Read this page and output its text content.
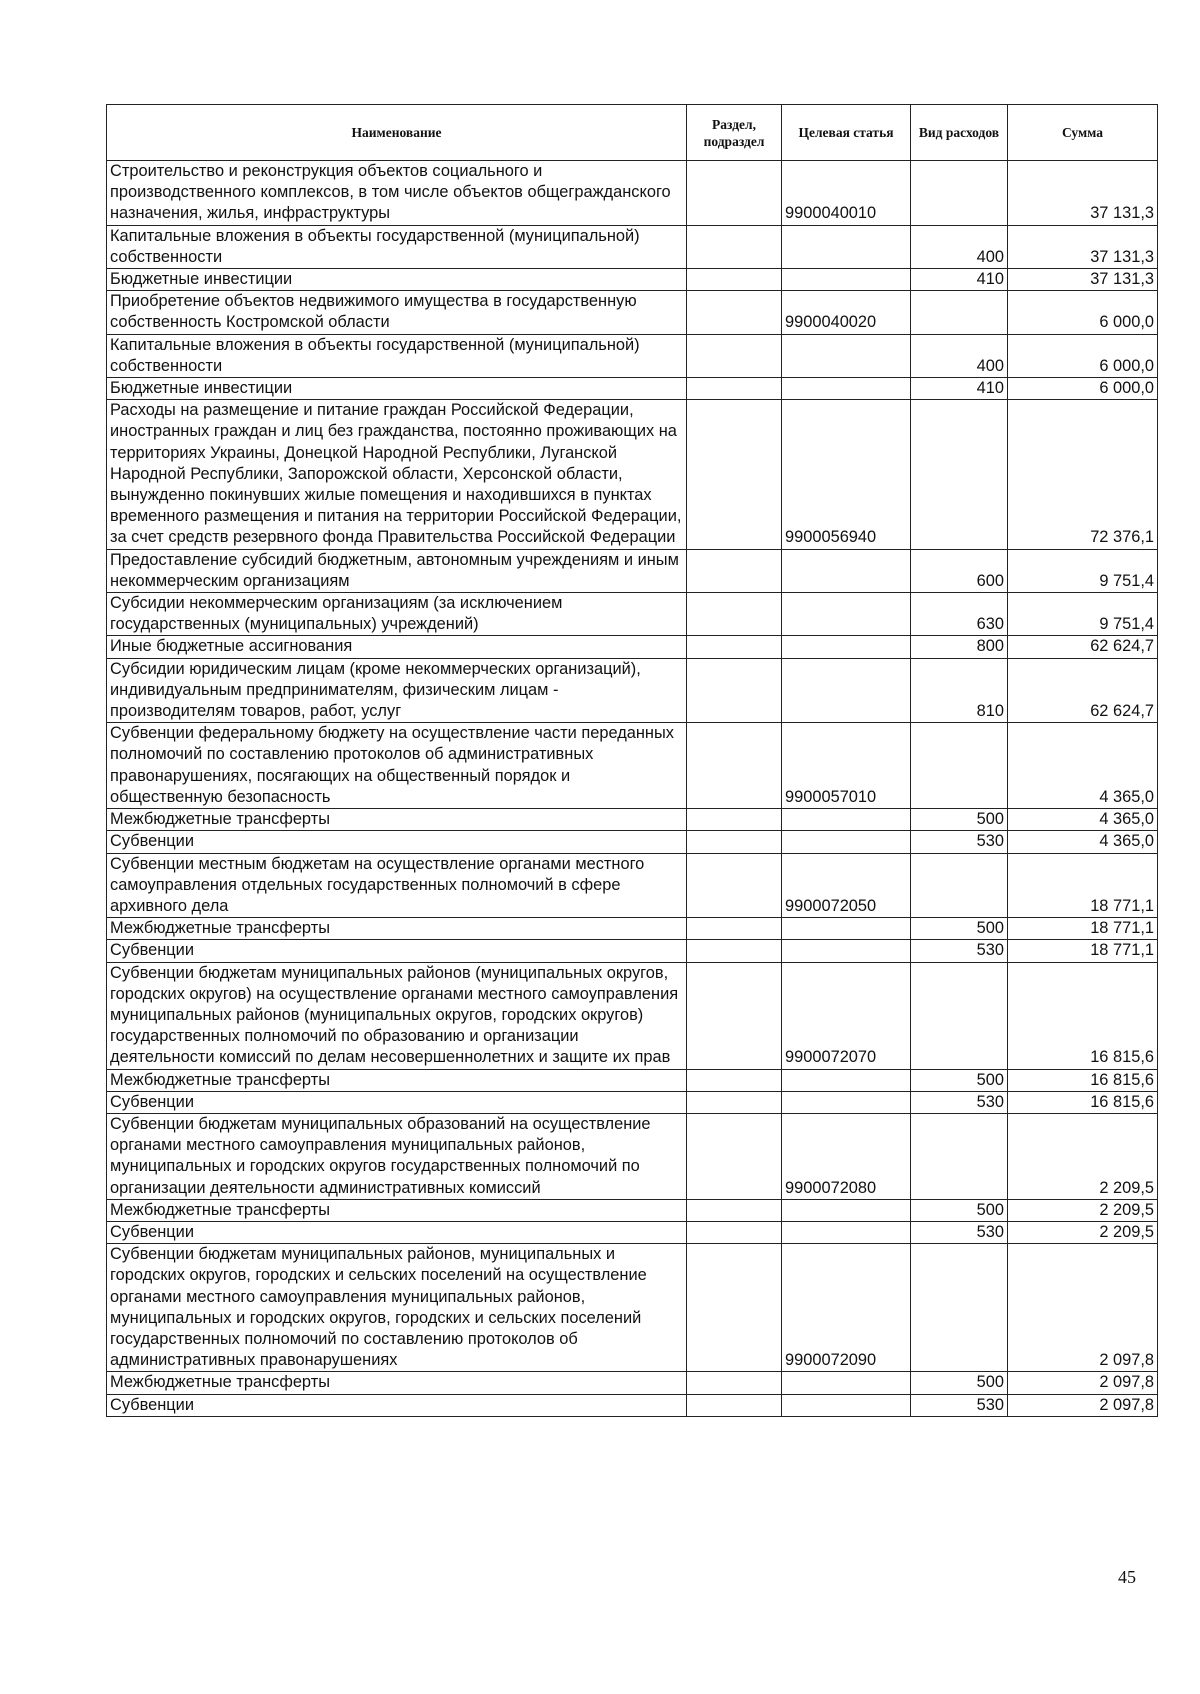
Наименование	Раздел, подраздел	Целевая статья	Вид расходов	Сумма
Строительство и реконструкция объектов социального и производственного комплексов, в том числе объектов общегражданского назначения, жилья, инфраструктуры		9900040010		37 131,3
Капитальные вложения в объекты государственной (муниципальной) собственности			400	37 131,3
Бюджетные инвестиции			410	37 131,3
Приобретение объектов недвижимого имущества в государственную собственность Костромской области		9900040020		6 000,0
Капитальные вложения в объекты государственной (муниципальной) собственности			400	6 000,0
Бюджетные инвестиции			410	6 000,0
Расходы на размещение и питание граждан Российской Федерации, иностранных граждан и лиц без гражданства, постоянно проживающих на территориях Украины, Донецкой Народной Республики, Луганской Народной Республики, Запорожской области, Херсонской области, вынужденно покинувших жилые помещения и находившихся в пунктах временного размещения и питания на территории Российской Федерации, за счет средств резервного фонда Правительства Российской Федерации		9900056940		72 376,1
Предоставление субсидий бюджетным, автономным учреждениям и иным некоммерческим организациям			600	9 751,4
Субсидии некоммерческим организациям (за исключением государственных (муниципальных) учреждений)			630	9 751,4
Иные бюджетные ассигнования			800	62 624,7
Субсидии юридическим лицам (кроме некоммерческих организаций), индивидуальным предпринимателям, физическим лицам - производителям товаров, работ, услуг			810	62 624,7
Субвенции федеральному бюджету на осуществление части переданных полномочий по составлению протоколов об административных правонарушениях, посягающих на общественный порядок и общественную безопасность		9900057010		4 365,0
Межбюджетные трансферты			500	4 365,0
Субвенции			530	4 365,0
Субвенции местным бюджетам на осуществление органами местного самоуправления отдельных государственных полномочий в сфере архивного дела		9900072050		18 771,1
Межбюджетные трансферты			500	18 771,1
Субвенции			530	18 771,1
Субвенции бюджетам муниципальных районов (муниципальных округов, городских округов) на осуществление органами местного самоуправления муниципальных районов (муниципальных округов, городских округов) государственных полномочий по образованию и организации деятельности комиссий по делам несовершеннолетних и защите их прав		9900072070		16 815,6
Межбюджетные трансферты			500	16 815,6
Субвенции			530	16 815,6
Субвенции бюджетам муниципальных образований на осуществление органами местного самоуправления муниципальных районов, муниципальных и городских округов государственных полномочий по организации деятельности административных комиссий		9900072080		2 209,5
Межбюджетные трансферты			500	2 209,5
Субвенции			530	2 209,5
Субвенции бюджетам муниципальных районов, муниципальных и городских округов, городских и сельских поселений на осуществление органами местного самоуправления муниципальных районов, муниципальных и городских округов, городских и сельских поселений государственных полномочий по составлению протоколов об административных правонарушениях		9900072090		2 097,8
Межбюджетные трансферты			500	2 097,8
Субвенции			530	2 097,8
45
